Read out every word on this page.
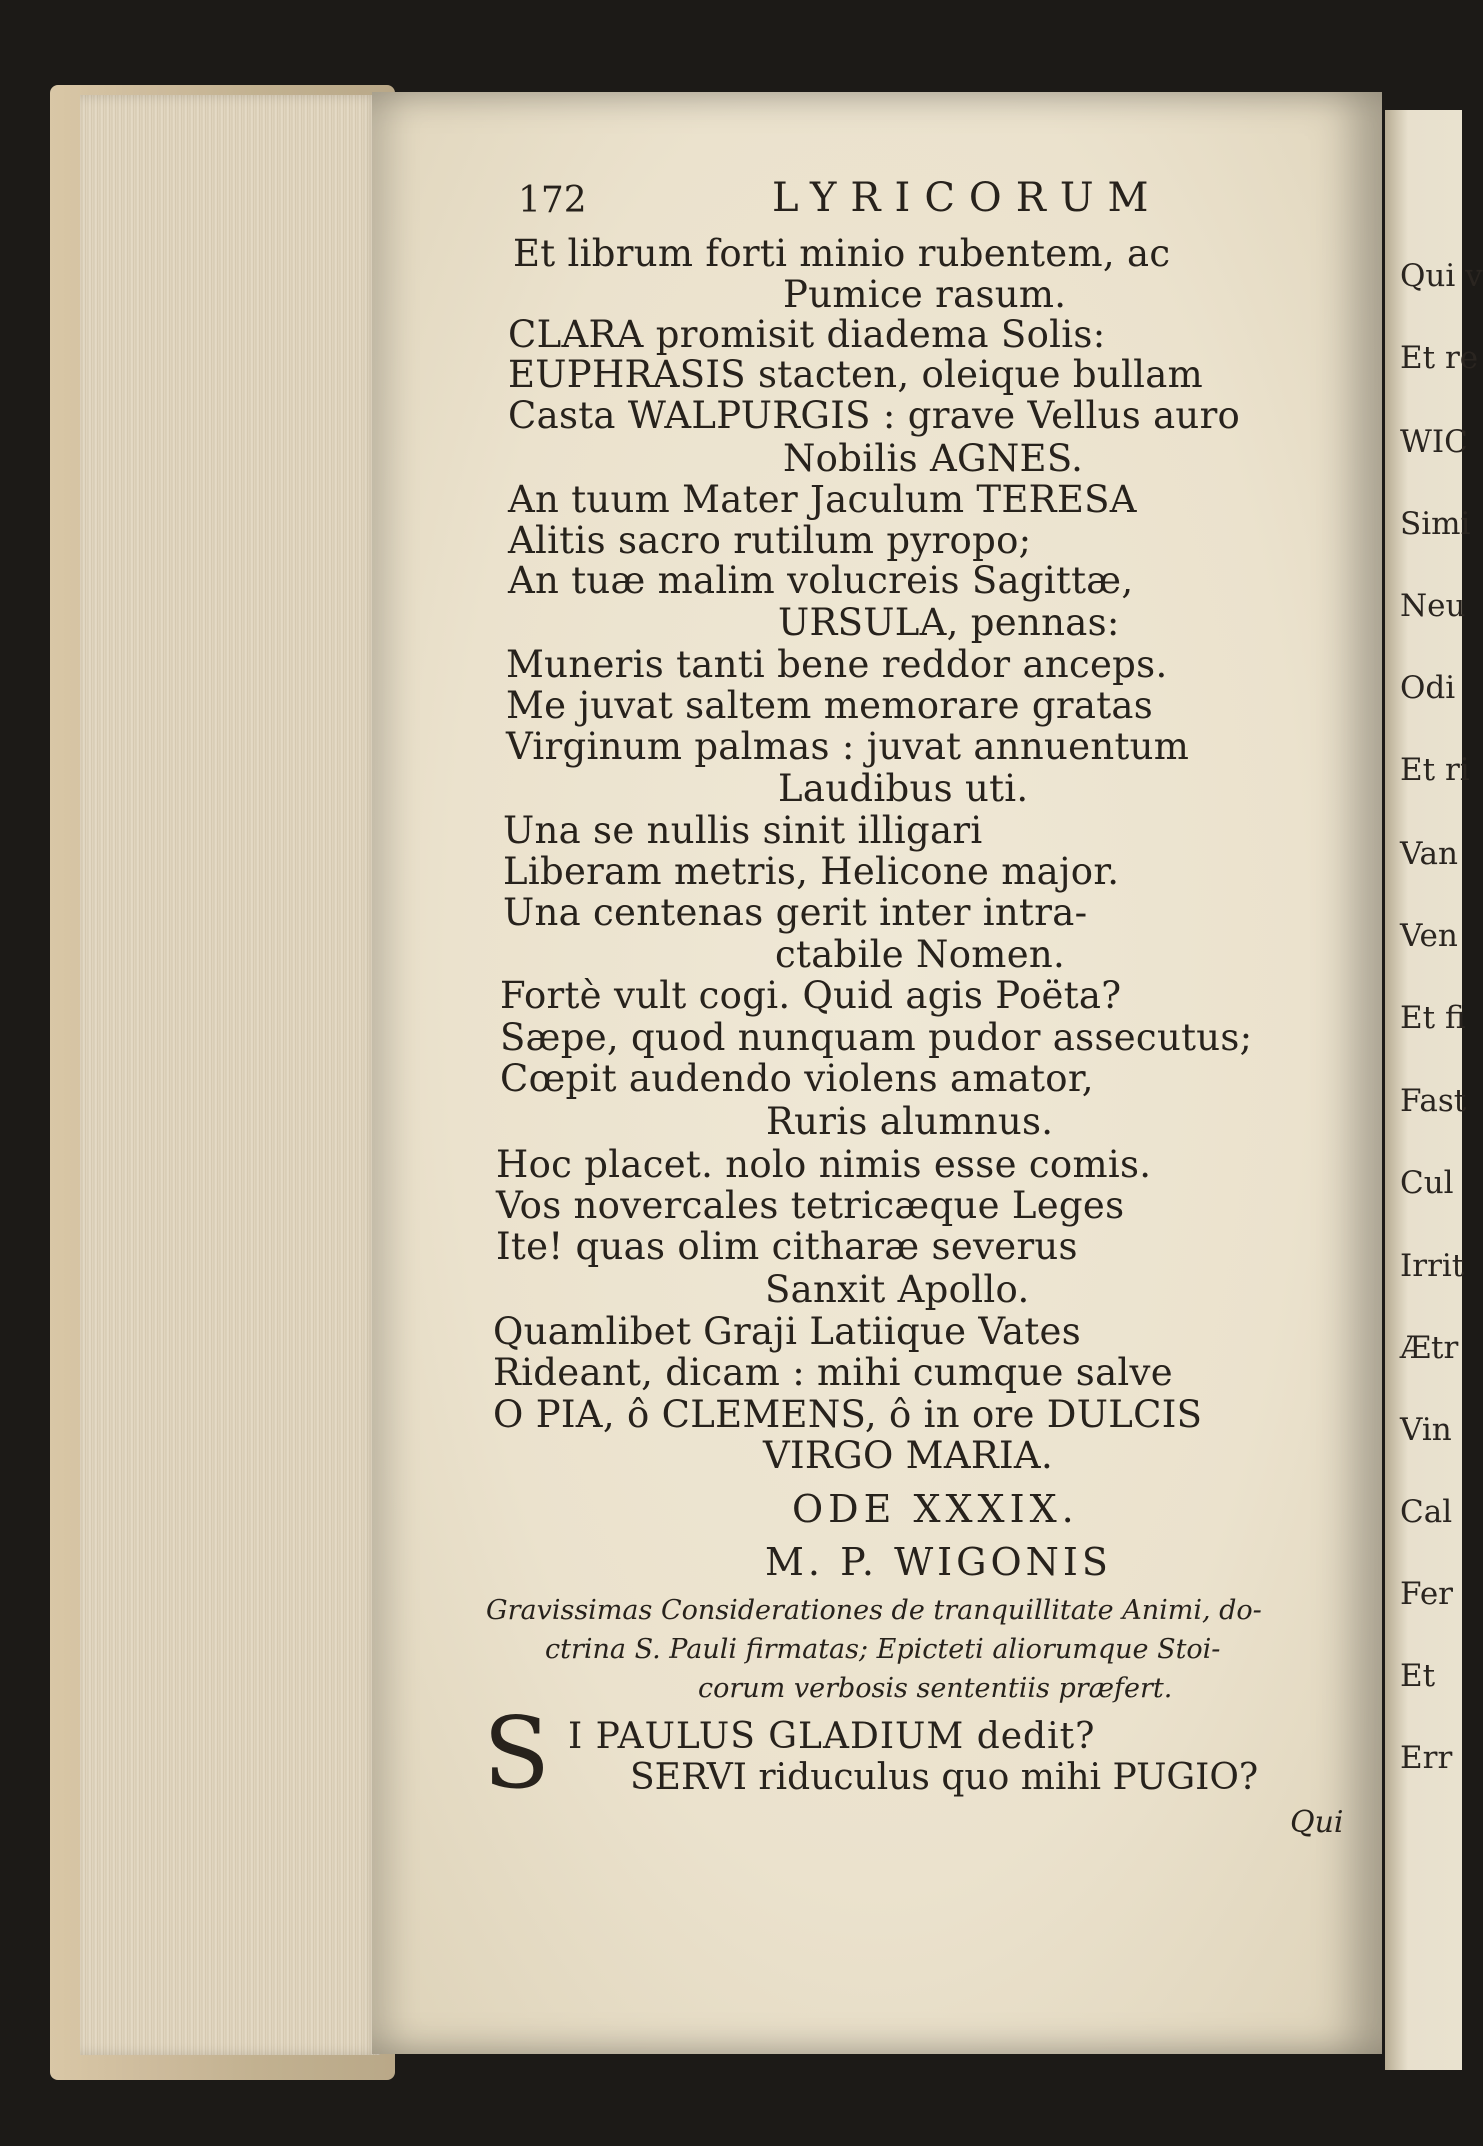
172	LYRICORUM
Et librum forti minio rubentem, ac
Pumice rasum.
CLARA promisit diadema Solis:
EUPHRASIS stacten, oleique bullam
Casta WALPURGIS : grave Vellus auro
Nobilis AGNES.
An tuum Mater Jaculum TERESA
Alitis sacro rutilum pyropo;
An tuæ malim volucreis Sagittæ,
URSULA, pennas:
Muneris tanti bene reddor anceps.
Me juvat saltem memorare gratas
Virginum palmas : juvat annuentum
Laudibus uti.
Una se nullis sinit illigari
Liberam metris, Helicone major.
Una centenas gerit inter intra-
ctabile Nomen.
Fortè vult cogi. Quid agis Poëta?
Sæpe, quod nunquam pudor assecutus;
Cœpit audendo violens amator,
Ruris alumnus.
Hoc placet. nolo nimis esse comis.
Vos novercales tetricæque Leges
Ite! quas olim citharæ severus
Sanxit Apollo.
Quamlibet Graji Latiique Vates
Rideant, dicam : mihi cumque salve
O PIA, ô CLEMENS, ô in ore DULCIS
VIRGO MARIA.
ODE XXXIX.
M. P. WIGONIS
Gravissimas Considerationes de tranquillitate Animi, do-
ctrina S. Pauli firmatas; Epicteti aliorumque Stoi-
corum verbosis sententiis præfert.
S I PAULUS GLADIUM dedit?
SERVI riduculus quo mihi PUGIO?
Qui
Qui v
Et re
WIC
Simi
Neu
Odi
Et ri
Van
Ven
Et fi
Fast
Cul
Irrit
Ætr
Vin
Cal
Fer
Et
Err
